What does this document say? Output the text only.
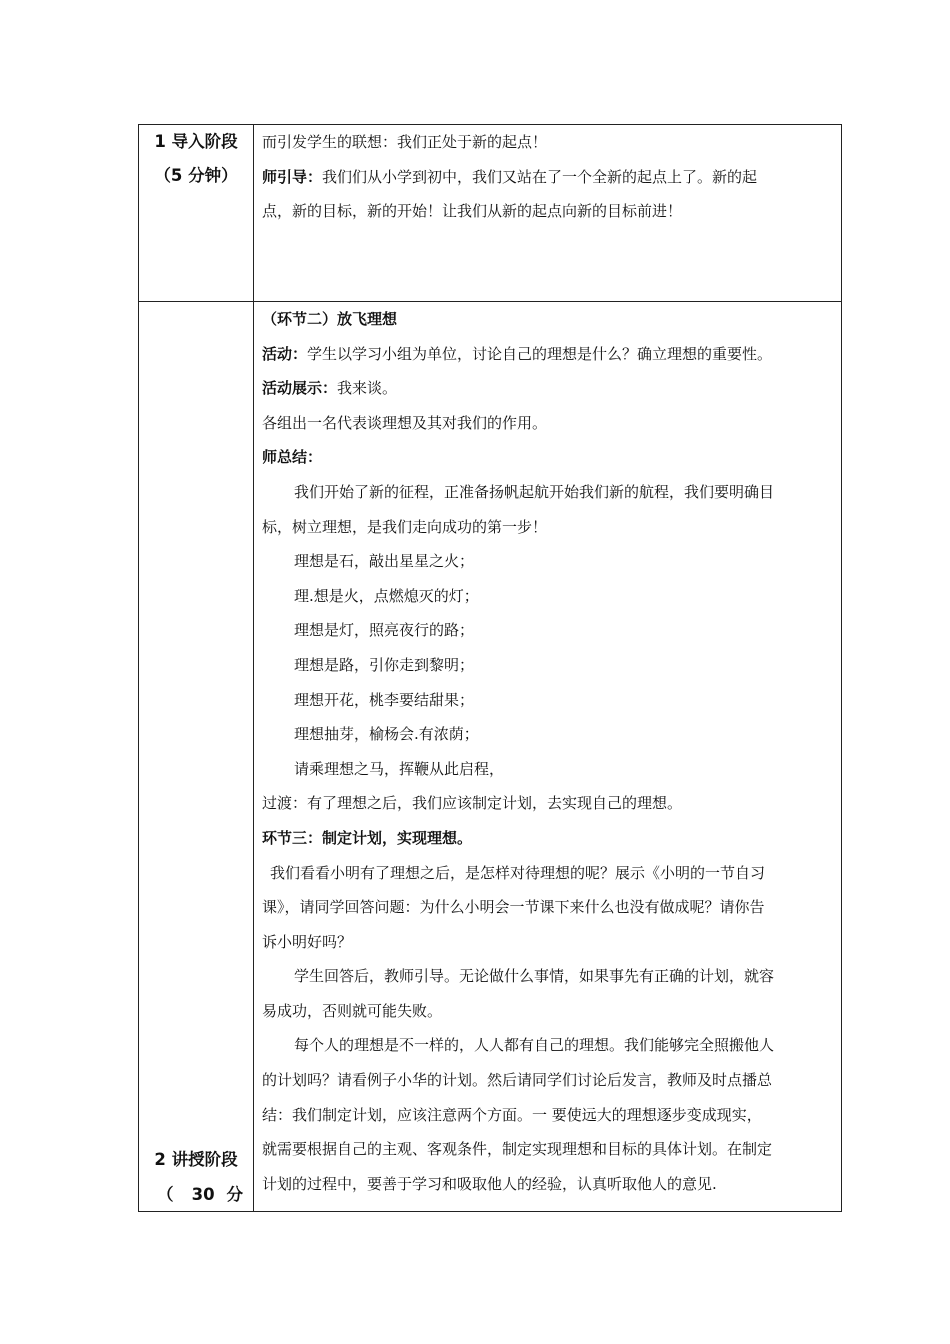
1 导入阶段
（5 分钟）
而引发学生的联想：我们正处于新的起点！
师引导：我们们从小学到初中，我们又站在了一个全新的起点上了。新的起
点，新的目标，新的开始！让我们从新的起点向新的目标前进！
2 讲授阶段
（ 30 分
（环节二）放飞理想
活动：学生以学习小组为单位，讨论自己的理想是什么？确立理想的重要性。
活动展示：我来谈。
各组出一名代表谈理想及其对我们的作用。
师总结：
我们开始了新的征程，正准备扬帆起航开始我们新的航程，我们要明确目
标，树立理想，是我们走向成功的第一步！
理想是石，敲出星星之火；
理.想是火，点燃熄灭的灯；
理想是灯，照亮夜行的路；
理想是路，引你走到黎明；
理想开花，桃李要结甜果；
理想抽芽，榆杨会.有浓荫；
请乘理想之马，挥鞭从此启程，
过渡：有了理想之后，我们应该制定计划，去实现自己的理想。
环节三：制定计划，实现理想。
我们看看小明有了理想之后，是怎样对待理想的呢？展示《小明的一节自习
课》，请同学回答问题：为什么小明会一节课下来什么也没有做成呢？请你告
诉小明好吗？
学生回答后，教师引导。无论做什么事情，如果事先有正确的计划，就容
易成功，否则就可能失败。
每个人的理想是不一样的，人人都有自己的理想。我们能够完全照搬他人
的计划吗？请看例子小华的计划。然后请同学们讨论后发言，教师及时点播总
结：我们制定计划，应该注意两个方面。一 要使远大的理想逐步变成现实，
就需要根据自己的主观、客观条件，制定实现理想和目标的具体计划。在制定
计划的过程中，要善于学习和吸取他人的经验，认真听取他人的意见.
